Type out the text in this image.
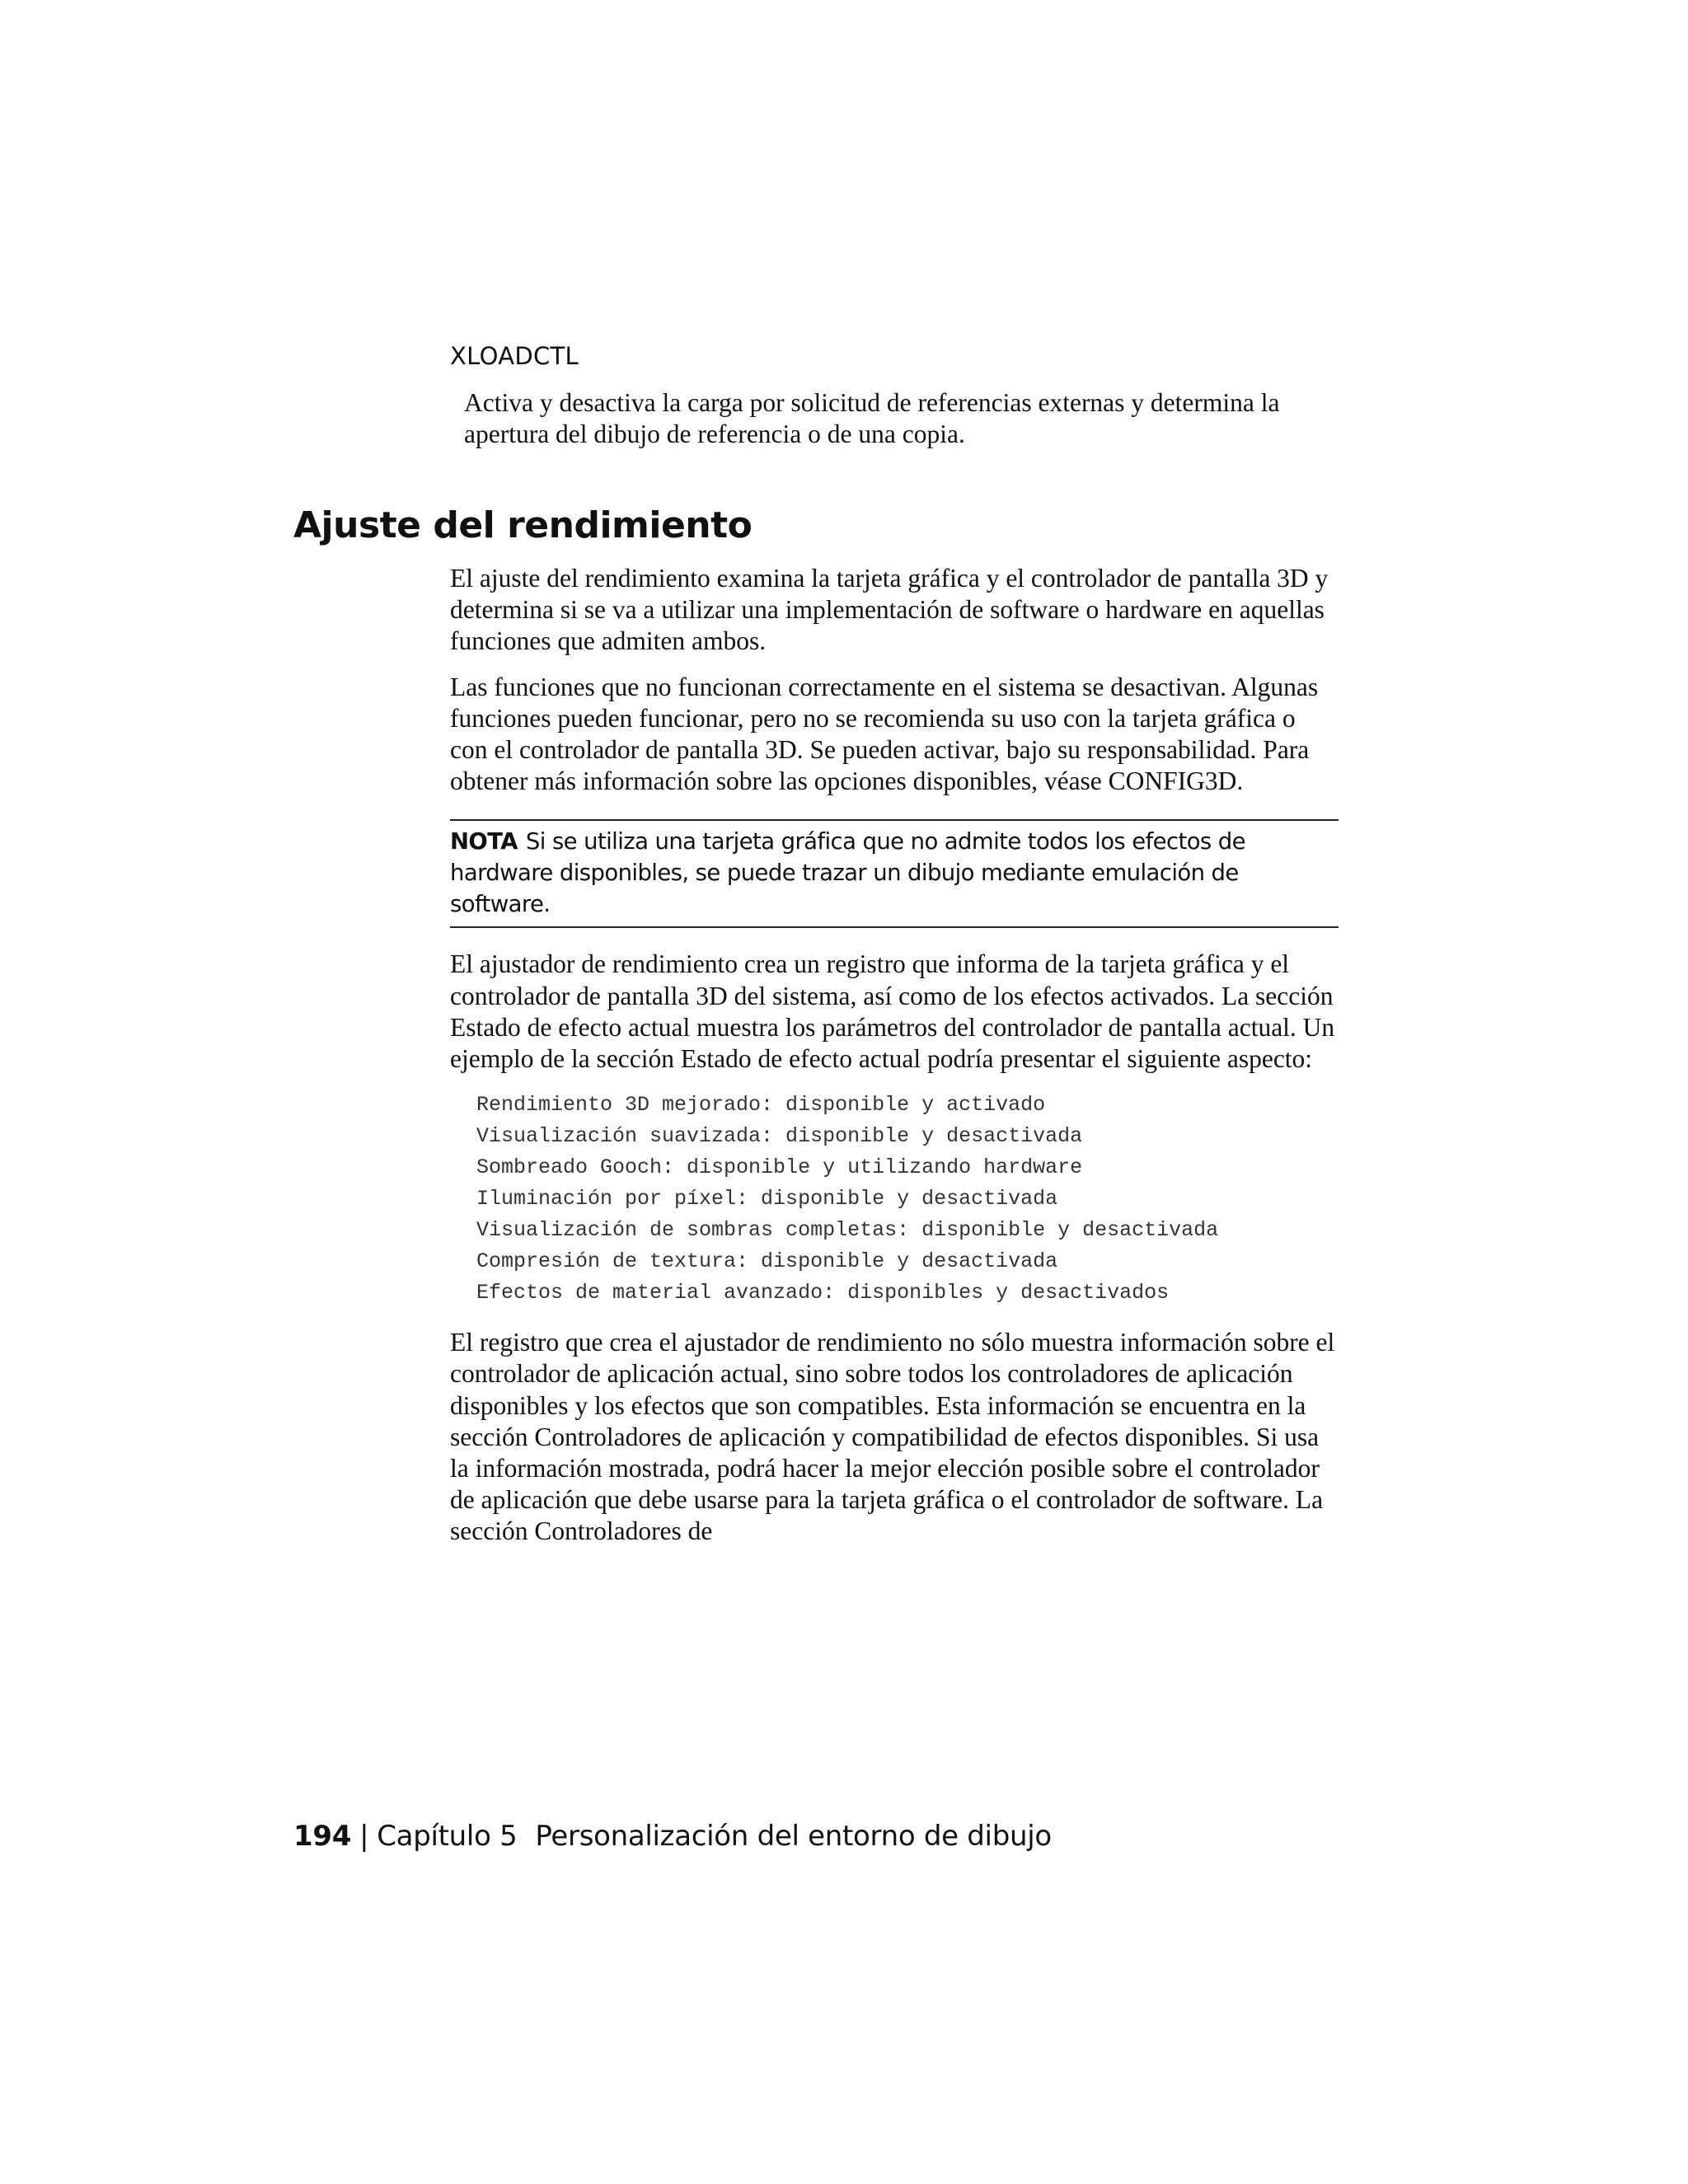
XLOADCTL

Activa y desactiva la carga por solicitud de referencias externas y determina la apertura del dibujo de referencia o de una copia.

Ajuste del rendimiento

El ajuste del rendimiento examina la tarjeta gráfica y el controlador de pantalla 3D y determina si se va a utilizar una implementación de software o hardware en aquellas funciones que admiten ambos.

Las funciones que no funcionan correctamente en el sistema se desactivan. Algunas funciones pueden funcionar, pero no se recomienda su uso con la tarjeta gráfica o con el controlador de pantalla 3D. Se pueden activar, bajo su responsabilidad. Para obtener más información sobre las opciones disponibles, véase CONFIG3D.

NOTA Si se utiliza una tarjeta gráfica que no admite todos los efectos de hardware disponibles, se puede trazar un dibujo mediante emulación de software.

El ajustador de rendimiento crea un registro que informa de la tarjeta gráfica y el controlador de pantalla 3D del sistema, así como de los efectos activados. La sección Estado de efecto actual muestra los parámetros del controlador de pantalla actual. Un ejemplo de la sección Estado de efecto actual podría presentar el siguiente aspecto:

Rendimiento 3D mejorado: disponible y activado
Visualización suavizada: disponible y desactivada
Sombreado Gooch: disponible y utilizando hardware
Iluminación por píxel: disponible y desactivada
Visualización de sombras completas: disponible y desactivada
Compresión de textura: disponible y desactivada
Efectos de material avanzado: disponibles y desactivados

El registro que crea el ajustador de rendimiento no sólo muestra información sobre el controlador de aplicación actual, sino sobre todos los controladores de aplicación disponibles y los efectos que son compatibles. Esta información se encuentra en la sección Controladores de aplicación y compatibilidad de efectos disponibles. Si usa la información mostrada, podrá hacer la mejor elección posible sobre el controlador de aplicación que debe usarse para la tarjeta gráfica o el controlador de software. La sección Controladores de

194 | Capítulo 5 Personalización del entorno de dibujo
